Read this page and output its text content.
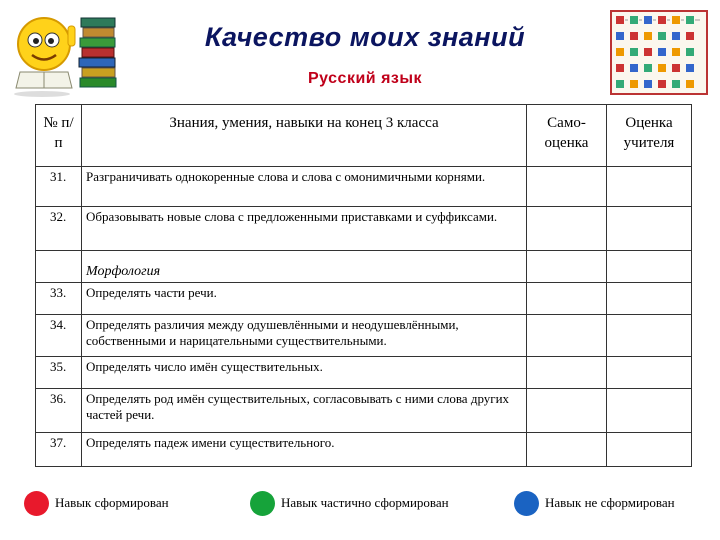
Качество моих знаний
Русский язык
№ п/п	Знания, умения, навыки на конец 3 класса	Само-оценка	Оценка учителя
31.	Разграничивать однокоренные слова и слова с омонимичными корнями.		
32.	Образовывать новые слова с предложенными приставками и суффиксами.		
	Морфология		
33.	Определять части речи.		
34.	Определять различия между одушевлёнными и неодушевлёнными, собственными и нарицательными существительными.		
35.	Определять число имён существительных.		
36.	Определять род имён существительных, согласовывать с ними слова других частей речи.		
37.	Определять падеж имени существительного.		
Навык сформирован	Навык частично сформирован	Навык не сформирован
